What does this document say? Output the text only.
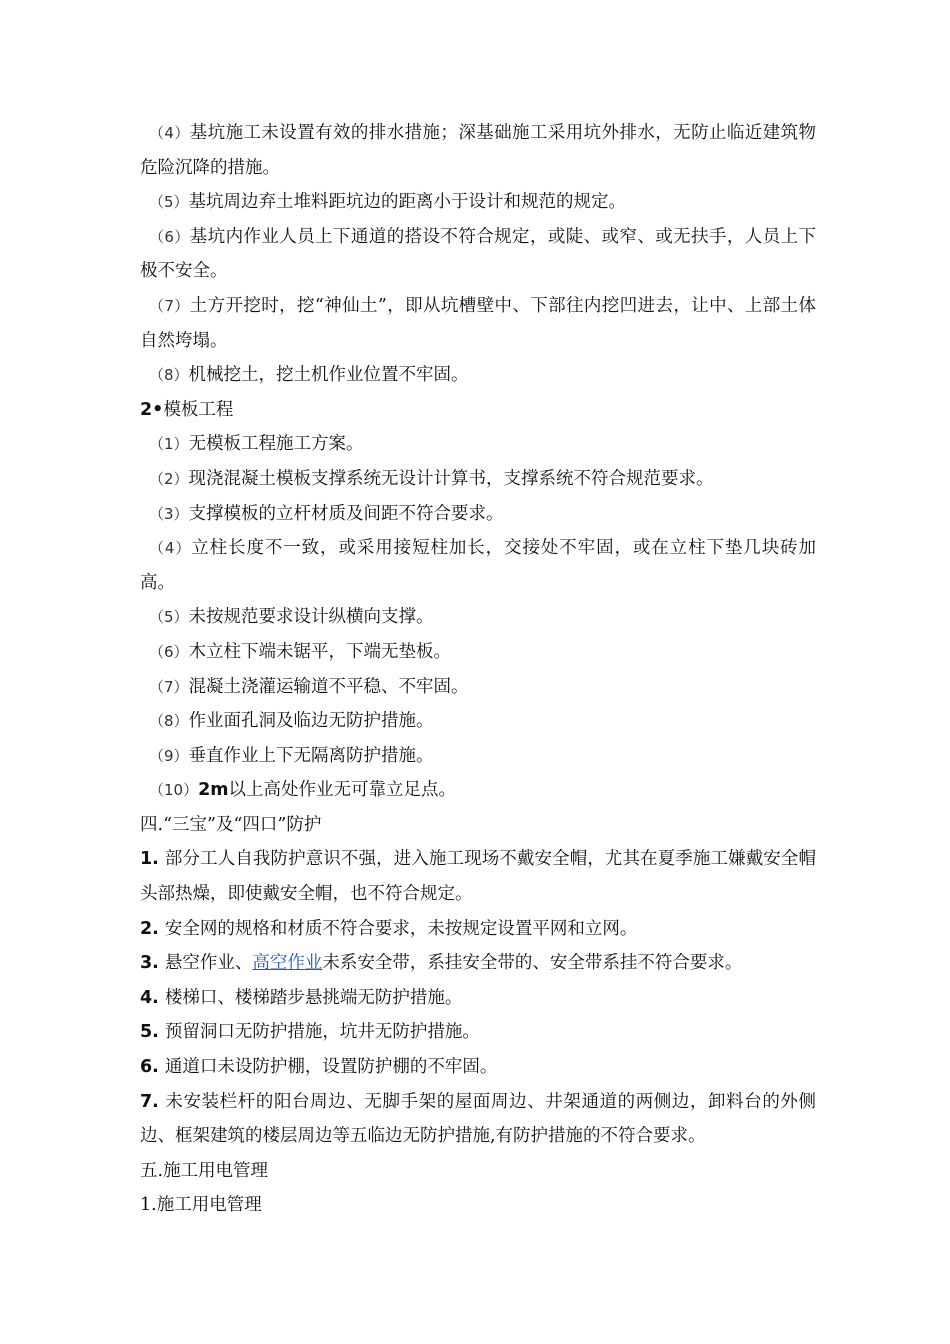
（4）基坑施工未设置有效的排水措施；深基础施工采用坑外排水，无防止临近建筑物危险沉降的措施。

（5）基坑周边弃土堆料距坑边的距离小于设计和规范的规定。

（6）基坑内作业人员上下通道的搭设不符合规定，或陡、或窄、或无扶手，人员上下极不安全。

（7）土方开挖时，挖“神仙土”，即从坑槽壁中、下部往内挖凹进去，让中、上部土体自然垮塌。

（8）机械挖土，挖土机作业位置不牢固。

2•模板工程

（1）无模板工程施工方案。

（2）现浇混凝土模板支撑系统无设计计算书，支撑系统不符合规范要求。

（3）支撑模板的立杆材质及间距不符合要求。

（4）立柱长度不一致，或采用接短柱加长，交接处不牢固，或在立柱下垫几块砖加高。

（5）未按规范要求设计纵横向支撑。

（6）木立柱下端未锯平，下端无垫板。

（7）混凝土浇灌运输道不平稳、不牢固。

（8）作业面孔洞及临边无防护措施。

（9）垂直作业上下无隔离防护措施。

（10）2m以上高处作业无可靠立足点。

四.“三宝”及“四口”防护

1. 部分工人自我防护意识不强，进入施工现场不戴安全帽，尤其在夏季施工嫌戴安全帽头部热燥，即使戴安全帽，也不符合规定。

2. 安全网的规格和材质不符合要求，未按规定设置平网和立网。

3. 悬空作业、高空作业未系安全带，系挂安全带的、安全带系挂不符合要求。

4. 楼梯口、楼梯踏步悬挑端无防护措施。

5. 预留洞口无防护措施，坑井无防护措施。

6. 通道口未设防护棚，设置防护棚的不牢固。

7. 未安装栏杆的阳台周边、无脚手架的屋面周边、井架通道的两侧边，卸料台的外侧边、框架建筑的楼层周边等五临边无防护措施,有防护措施的不符合要求。

五.施工用电管理

1.施工用电管理
